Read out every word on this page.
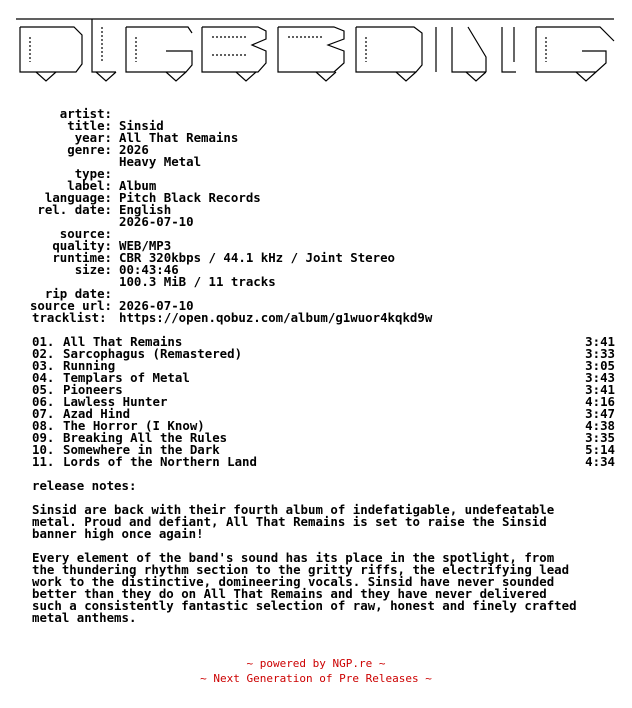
artist:

Sinsid

title:

All That Remains

year:

2026

genre:

Heavy Metal

type:

Album

label:

Pitch Black Records

language:

English

rel. date:

2026-07-10

source:

WEB/MP3

quality:

CBR 320kbps / 44.1 kHz / Joint Stereo

runtime:

00:43:46

size:

100.3 MiB / 11 tracks

rip date:

2026-07-10

source url:

https://open.qobuz.com/album/g1wuor4kqkd9w

tracklist:
01. All That Remains	3:41
02. Sarcophagus (Remastered)	3:33
03. Running	3:05
04. Templars of Metal	3:43
05. Pioneers	3:41
06. Lawless Hunter	4:16
07. Azad Hind	3:47
08. The Horror (I Know)	4:38
09. Breaking All the Rules	3:35
10. Somewhere in the Dark	5:14
11. Lords of the Northern Land	4:34
release notes:
Sinsid are back with their fourth album of indefatigable, undefeatable
metal. Proud and defiant, All That Remains is set to raise the Sinsid
banner high once again!
Every element of the band's sound has its place in the spotlight, from
the thundering rhythm section to the gritty riffs, the electrifying lead
work to the distinctive, domineering vocals. Sinsid have never sounded
better than they do on All That Remains and they have never delivered
such a consistently fantastic selection of raw, honest and finely crafted
metal anthems.
~ powered by NGP.re ~
~ Next Generation of Pre Releases ~
